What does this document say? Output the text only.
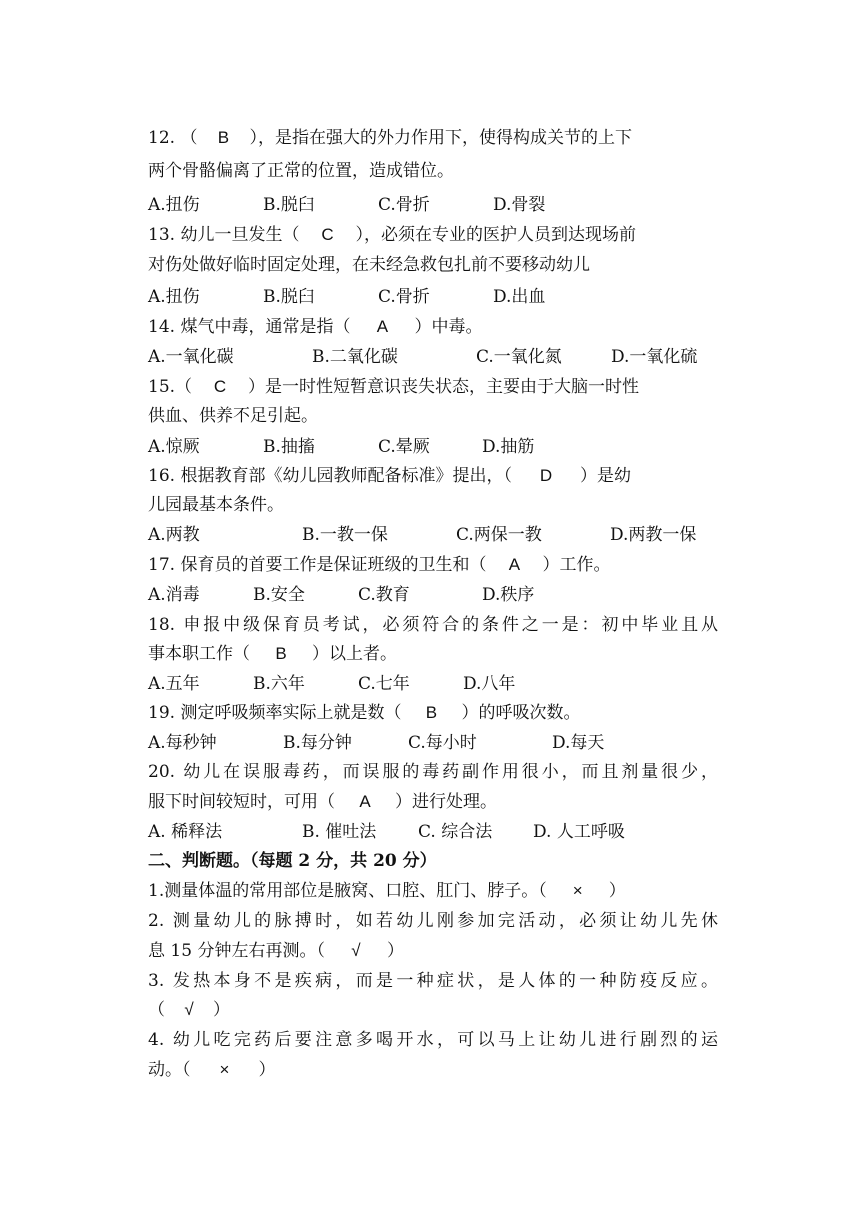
12. （ B ），是指在强大的外力作用下，使得构成关节的上下
两个骨骼偏离了正常的位置，造成错位。
A.扭伤	B.脱臼	C.骨折	D.骨裂
13. 幼儿一旦发生（ C ），必须在专业的医护人员到达现场前
对伤处做好临时固定处理，在未经急救包扎前不要移动幼儿
A.扭伤	B.脱臼	C.骨折	D.出血
14. 煤气中毒，通常是指（ A ）中毒。
A.一氧化碳	B.二氧化碳	C.一氧化氮	D.一氧化硫
15.（ C ）是一时性短暂意识丧失状态，主要由于大脑一时性
供血、供养不足引起。
A.惊厥	B.抽搐	C.晕厥	D.抽筋
16. 根据教育部《幼儿园教师配备标准》提出，（ D ）是幼
儿园最基本条件。
A.两教	B.一教一保	C.两保一教	D.两教一保
17. 保育员的首要工作是保证班级的卫生和（ A ）工作。
A.消毒	B.安全	C.教育	D.秩序
18. 申报中级保育员考试，必须符合的条件之一是：初中毕业且从
事本职工作（ B ）以上者。
A.五年	B.六年	C.七年	D.八年
19. 测定呼吸频率实际上就是数（ B ）的呼吸次数。
A.每秒钟	B.每分钟	C.每小时	D.每天
20. 幼儿在误服毒药，而误服的毒药副作用很小，而且剂量很少，
服下时间较短时，可用（ A ）进行处理。
A. 稀释法	B. 催吐法 C. 综合法 D. 人工呼吸
二、判断题。（每题 2 分，共 20 分）
1.测量体温的常用部位是腋窝、口腔、肛门、脖子。（ × ）
2. 测量幼儿的脉搏时，如若幼儿刚参加完活动，必须让幼儿先休
息 15 分钟左右再测。（ √ ）
3. 发热本身不是疾病，而是一种症状，是人体的一种防疫反应。
（ √ ）
4. 幼儿吃完药后要注意多喝开水，可以马上让幼儿进行剧烈的运
动。（ × ）
